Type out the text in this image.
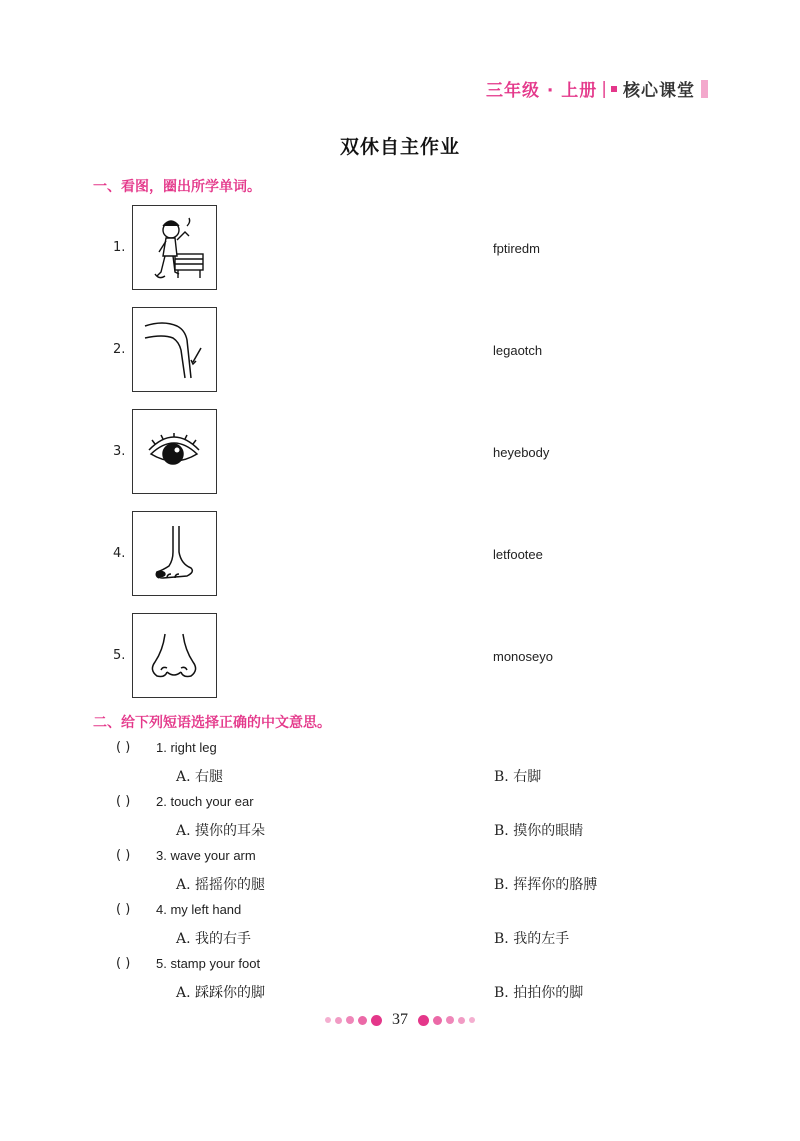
三年级 · 上册 | 核心课堂
双休自主作业
一、看图，圈出所学单词。
1.	fptiredm
2.	legaotch
3.	heyebody
4.	letfootee
5.	monoseyo
二、给下列短语选择正确的中文意思。
( ) 1. right leg
A. 右腿	B. 右脚
( ) 2. touch your ear
A. 摸你的耳朵	B. 摸你的眼睛
( ) 3. wave your arm
A. 摇摇你的腿	B. 挥挥你的胳膊
( ) 4. my left hand
A. 我的右手	B. 我的左手
( ) 5. stamp your foot
A. 踩踩你的脚	B. 拍拍你的脚
37
